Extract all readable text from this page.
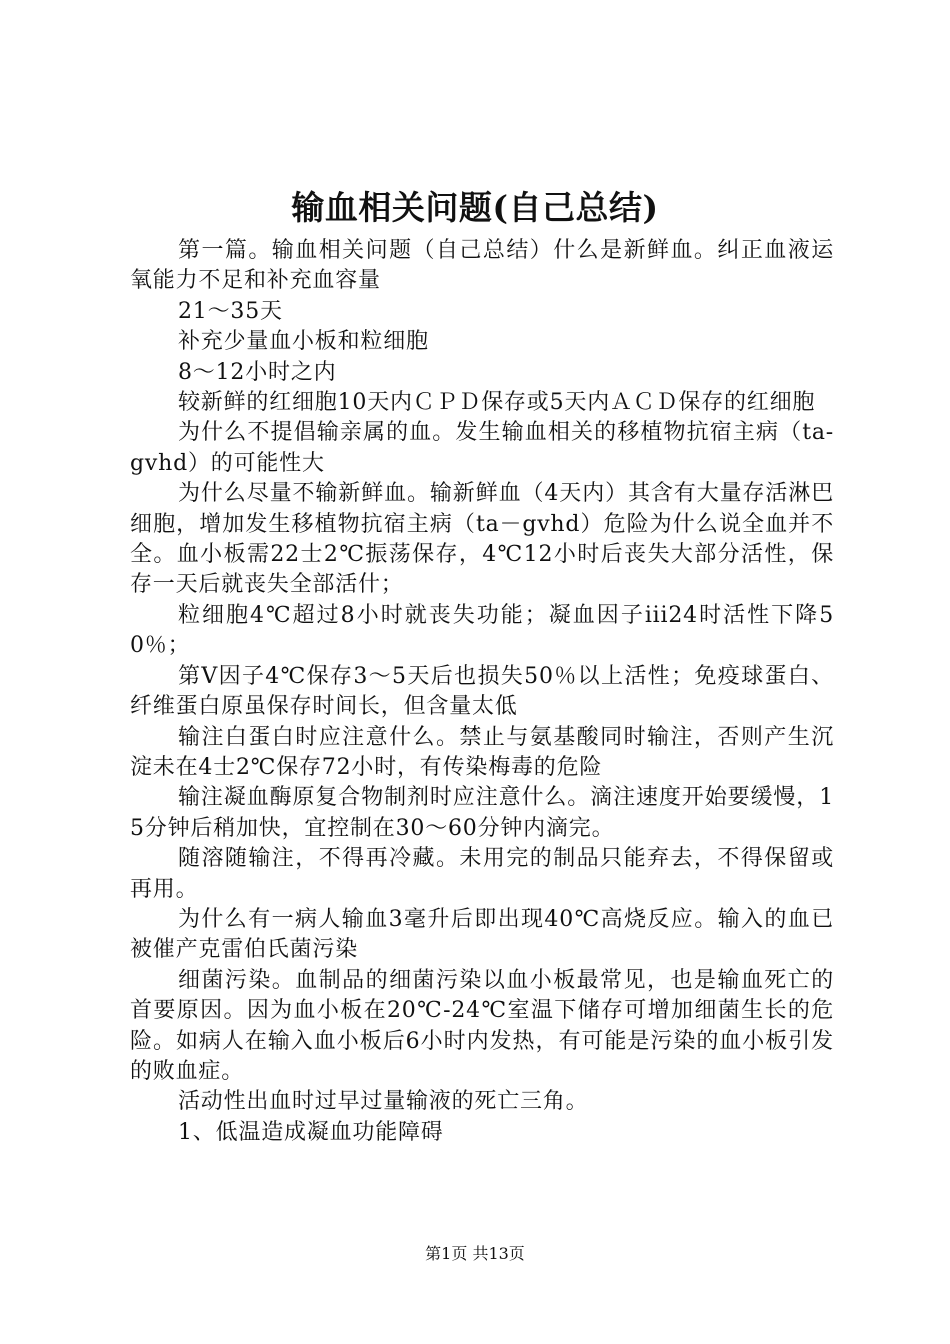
输血相关问题(自己总结)

第一篇。输血相关问题（自己总结）什么是新鲜血。纠正血液运氧能力不足和补充血容量

21～35天

补充少量血小板和粒细胞

8～12小时之内

较新鲜的红细胞10天内ＣＰＤ保存或5天内ＡＣＤ保存的红细胞

为什么不提倡输亲属的血。发生输血相关的移植物抗宿主病（ta-gvhd）的可能性大

为什么尽量不输新鲜血。输新鲜血（4天内）其含有大量存活淋巴细胞，增加发生移植物抗宿主病（ta－gvhd）危险为什么说全血并不全。血小板需22士2℃振荡保存，4℃12小时后丧失大部分活性，保存一天后就丧失全部活什；

粒细胞4℃超过8小时就丧失功能；凝血因子iii24时活性下降50％；

第Ⅴ因子4℃保存3～5天后也损失50％以上活性；免疫球蛋白、纤维蛋白原虽保存时间长，但含量太低

输注白蛋白时应注意什么。禁止与氨基酸同时输注，否则产生沉淀未在4士2℃保存72小时，有传染梅毒的危险

输注凝血酶原复合物制剂时应注意什么。滴注速度开始要缓慢，15分钟后稍加快，宜控制在30～60分钟内滴完。

随溶随输注，不得再冷藏。未用完的制品只能弃去，不得保留或再用。

为什么有一病人输血3毫升后即出现40℃高烧反应。输入的血已被催产克雷伯氏菌污染

细菌污染。血制品的细菌污染以血小板最常见，也是输血死亡的首要原因。因为血小板在20℃-24℃室温下储存可增加细菌生长的危险。如病人在输入血小板后6小时内发热，有可能是污染的血小板引发的败血症。

活动性出血时过早过量输液的死亡三角。

1、低温造成凝血功能障碍

第1页 共13页
